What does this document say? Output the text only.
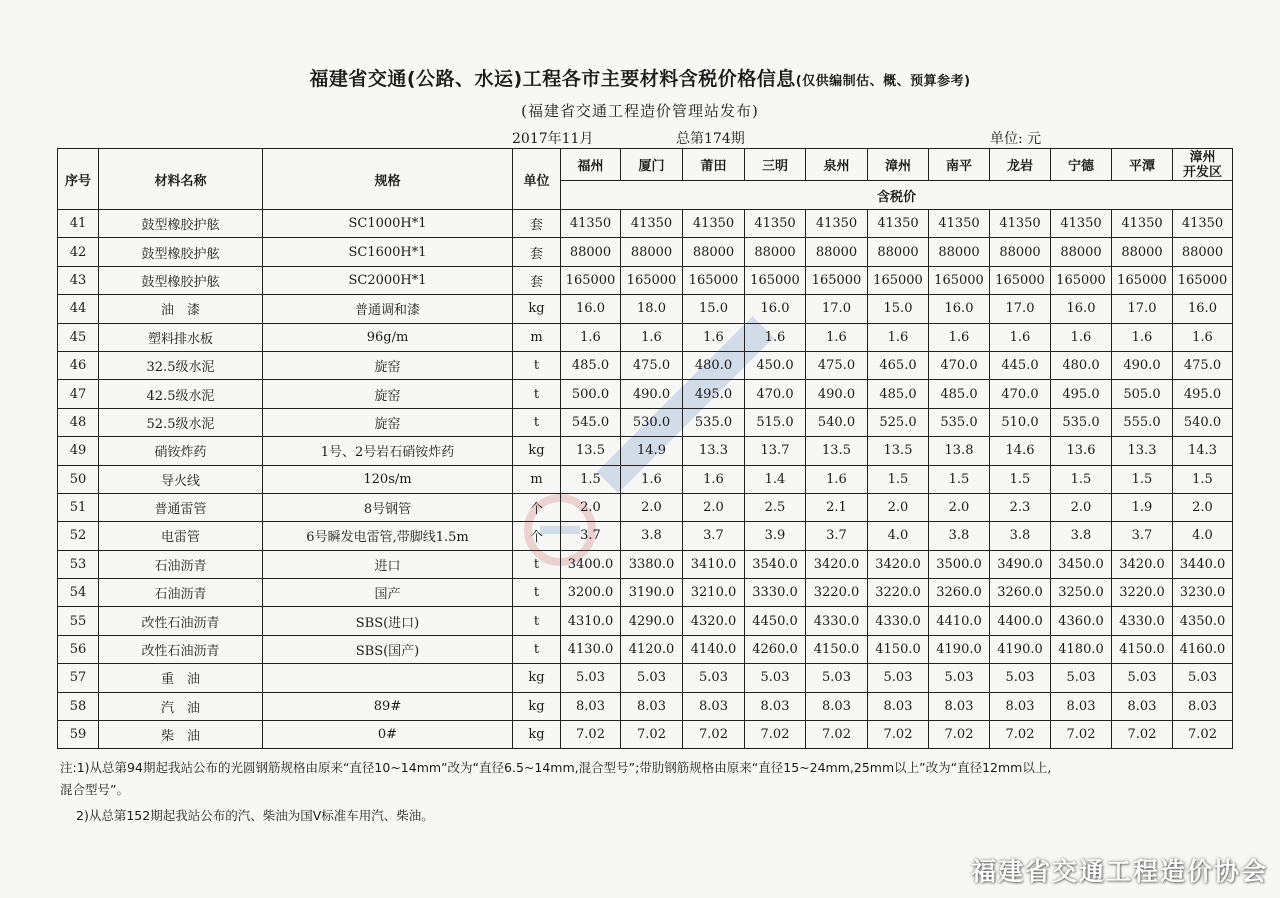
福建省交通(公路、水运)工程各市主要材料含税价格信息(仅供编制估、概、预算参考)
(福建省交通工程造价管理站发布)
2017年11月	总第174期	单位: 元
序号	材料名称	规格	单位	福州	厦门	莆田	三明	泉州	漳州	南平	龙岩	宁德	平潭	漳州
开发区
				含税价										
41	鼓型橡胶护舷	SC1000H*1	套	41350	41350	41350	41350	41350	41350	41350	41350	41350	41350	41350
42	鼓型橡胶护舷	SC1600H*1	套	88000	88000	88000	88000	88000	88000	88000	88000	88000	88000	88000
43	鼓型橡胶护舷	SC2000H*1	套	165000	165000	165000	165000	165000	165000	165000	165000	165000	165000	165000
44	油　漆	普通调和漆	kg	16.0	18.0	15.0	16.0	17.0	15.0	16.0	17.0	16.0	17.0	16.0
45	塑料排水板	96g/m	m	1.6	1.6	1.6	1.6	1.6	1.6	1.6	1.6	1.6	1.6	1.6
46	32.5级水泥	旋窑	t	485.0	475.0	480.0	450.0	475.0	465.0	470.0	445.0	480.0	490.0	475.0
47	42.5级水泥	旋窑	t	500.0	490.0	495.0	470.0	490.0	485.0	485.0	470.0	495.0	505.0	495.0
48	52.5级水泥	旋窑	t	545.0	530.0	535.0	515.0	540.0	525.0	535.0	510.0	535.0	555.0	540.0
49	硝铵炸药	1号、2号岩石硝铵炸药	kg	13.5	14.9	13.3	13.7	13.5	13.5	13.8	14.6	13.6	13.3	14.3
50	导火线	120s/m	m	1.5	1.6	1.6	1.4	1.6	1.5	1.5	1.5	1.5	1.5	1.5
51	普通雷管	8号钢管	个	2.0	2.0	2.0	2.5	2.1	2.0	2.0	2.3	2.0	1.9	2.0
52	电雷管	6号瞬发电雷管,带脚线1.5m	个	3.7	3.8	3.7	3.9	3.7	4.0	3.8	3.8	3.8	3.7	4.0
53	石油沥青	进口	t	3400.0	3380.0	3410.0	3540.0	3420.0	3420.0	3500.0	3490.0	3450.0	3420.0	3440.0
54	石油沥青	国产	t	3200.0	3190.0	3210.0	3330.0	3220.0	3220.0	3260.0	3260.0	3250.0	3220.0	3230.0
55	改性石油沥青	SBS(进口)	t	4310.0	4290.0	4320.0	4450.0	4330.0	4330.0	4410.0	4400.0	4360.0	4330.0	4350.0
56	改性石油沥青	SBS(国产)	t	4130.0	4120.0	4140.0	4260.0	4150.0	4150.0	4190.0	4190.0	4180.0	4150.0	4160.0
57	重　油		kg	5.03	5.03	5.03	5.03	5.03	5.03	5.03	5.03	5.03	5.03	5.03
58	汽　油	89#	kg	8.03	8.03	8.03	8.03	8.03	8.03	8.03	8.03	8.03	8.03	8.03
59	柴　油	0#	kg	7.02	7.02	7.02	7.02	7.02	7.02	7.02	7.02	7.02	7.02	7.02
注:1)从总第94期起我站公布的光圆钢筋规格由原来“直径10~14mm”改为“直径6.5~14mm,混合型号”;带肋钢筋规格由原来“直径15~24mm,25mm以上”改为“直径12mm以上,
混合型号”。
2)从总第152期起我站公布的汽、柴油为国Ⅴ标准车用汽、柴油。
福建省交通工程造价协会
